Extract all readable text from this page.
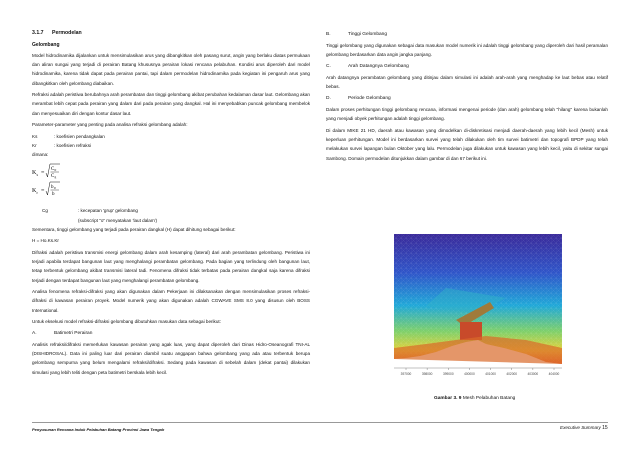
3.1.7 Permodelan
Gelombang

Model hidrodinamika dijalankan untuk mensimulasikan arus yang dibangkitkan oleh pasang surut, angin yang berlaku diatas permukaan dan aliran sungai yang terjadi di perairan Batang khususnya perairan lokasi rencana pelabuhan. Kondisi arus diperoleh dari model hidrodinamika, karena tidak dapat pada perairan pantai, tapi dalam permodelan hidrodinamika pada kegiatan ini pengaruh arus yang dibangkitkan oleh gelombang diabaikan.

Refraksi adalah peristiwa berubahnya arah perambatan dan tinggi gelombang akibat perubahan kedalaman dasar laut. Gelombang akan merambat lebih cepat pada perairan yang dalam dari pada perairan yang dangkal. Hal ini menyebabkan puncak gelombang membelok dan menyesuaikan diri dengan kontur dasar laut.

Parameter-parameter yang penting pada analisa refraksi gelombang adalah:

Ks	: koefisien pendangkalan
Kr	: koefisien refraksi

dimana:

K s =
C 0
C g
K r =
b 0
b
Cg	: kecepatan 'grup' gelombang
(subscript "o" menyatakan 'laut dalam')

Sementara, tinggi gelombang yang terjadi pada perairan dangkal (H) dapat dihitung sebagai berikut:

H = Ho.Ks.Kr

Difraksi adalah peristiwa transmisi energi gelombang dalam arah kesamping (lateral) dari arah perambatan gelombang. Peristiwa ini terjadi apabila terdapat bangunan laut yang menghalangi perambatan gelombang. Pada bagian yang terlindung oleh bangunan laut, tetap terbentuk gelombang akibat transmisi lateral tadi. Fenomena difraksi tidak terbatas pada perairan dangkal saja karena difraksi terjadi dengan terdapat bangunan laut yang menghalangi perambatan gelombang.

Analisa fenomena refraksi-difraksi yang akan digunakan dalam Pekerjaan ini dilaksanakan dengan mensimulasikan proses refraksi-difraksi di kawasan perairan proyek. Model numerik yang akan digunakan adalah CGWAVE SMS 8.0 yang disusun oleh BOSS International.

Untuk eksekusi model refraksi-difraksi gelombang dibutuhkan masukan data sebagai berikut:

A.	Batimetri Perairan

Analisis refraksi/difraksi memerlukan kawasan perairan yang agak luas, yang dapat diperoleh dari Dinas Hidro-Oseanografi TNI-AL (DISHIDROSAL). Data ini paling luar dari perairan diambil suatu anggapan bahwa gelombang yang ada atau terbentuk berupa gelombang sempurna yang belum mengalami refraksi/difraksi. Sedang pada kawasan di sebelah dalam (dekat pantai) dilakukan simulasi yang lebih teliti dengan peta batimetri berskala lebih kecil.

B.	Tinggi Gelombang

Tinggi gelombang yang digunakan sebagai data masukan model numerik ini adalah tinggi gelombang yang diperoleh dari hasil peramalan gelombang berdasarkan data angin jangka panjang.

C.	Arah Datangnya Gelombang

Arah datangnya perambatan gelombang yang ditinjau dalam simulasi ini adalah arah-arah yang menghadap ke laut bebas atau relatif bebas.

D.	Periode Gelombang

Dalam proses perhitungan tinggi gelombang rencana, informasi mengenai periode (dan arah) gelombang telah "hilang" karena bukanlah yang menjadi obyek perhitungan adalah tinggi gelombang.

Di dalam MIKE 21 HD, daerah atau kawasan yang dimodelkan di-diskretisasi menjadi daerah-daerah yang lebih kecil (Mesh) untuk keperluan perhitungan. Model ini berdasarkan survei yang telah dilakukan oleh tim survei batimetri dan topografi BPDP yang telah melakukan survei lapangan bulan Oktober yang lalu. Permodelan juga dilakukan untuk kawasan yang lebih kecil, yaitu di sekitar sungai Sambong. Domain permodelan ditunjukkan dalam gambar di dan 67 berikut ini.

397000	398000	399000	400000	401000	402000	403000	404000
Gambar 3. 9 Mesh Pelabuhan Batang
Penyusunan Rencana Induk Pelabuhan Batang Provinsi Jawa Tengah	Executive Summary 15
